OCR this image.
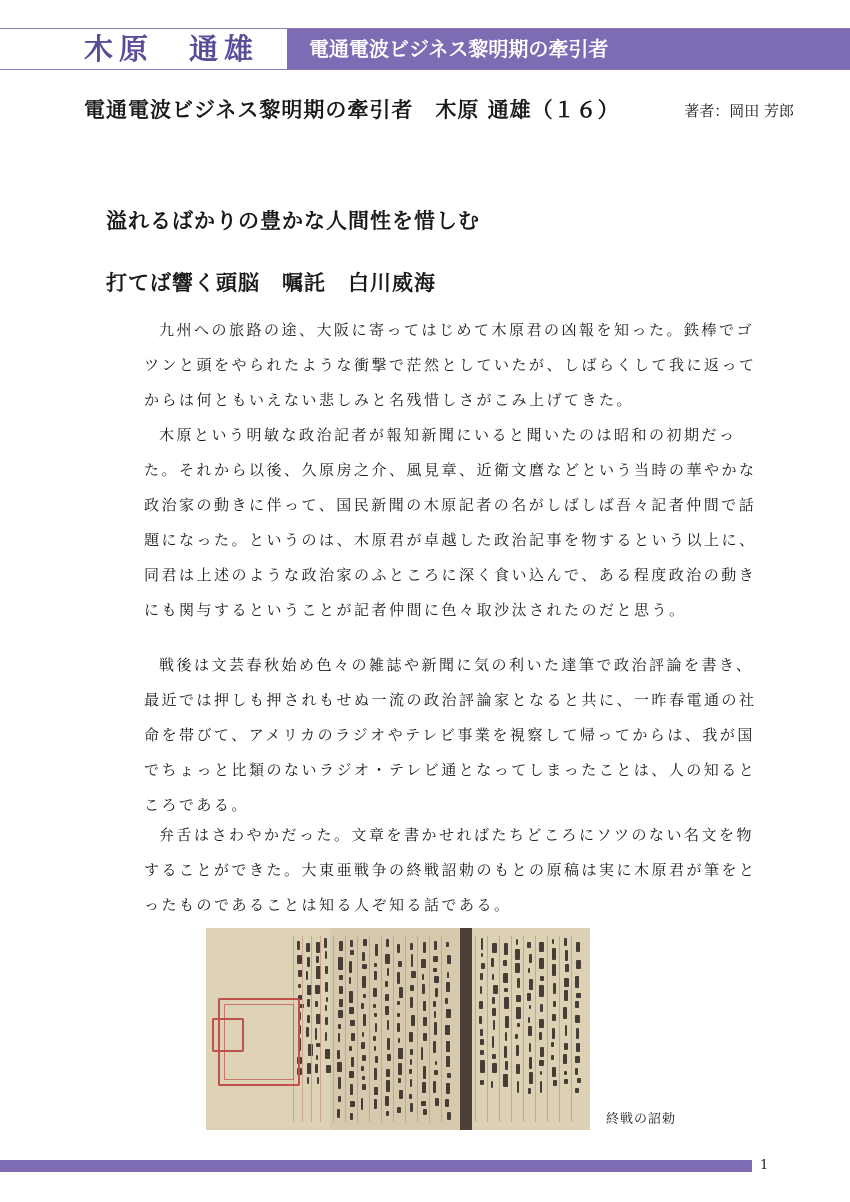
木原　通雄 電通電波ビジネス黎明期の牽引者
電通電波ビジネス黎明期の牽引者　木原 通雄（１６）	著者：岡田 芳郎
溢れるばかりの豊かな人間性を惜しむ
打てば響く頭脳　嘱託　白川威海

九州への旅路の途、大阪に寄ってはじめて木原君の凶報を知った。鉄棒でゴツンと頭をやられたような衝撃で茫然としていたが、しばらくして我に返ってからは何ともいえない悲しみと名残惜しさがこみ上げてきた。

木原という明敏な政治記者が報知新聞にいると聞いたのは昭和の初期だった。それから以後、久原房之介、風見章、近衛文麿などという当時の華やかな政治家の動きに伴って、国民新聞の木原記者の名がしばしば吾々記者仲間で話題になった。というのは、木原君が卓越した政治記事を物するという以上に、同君は上述のような政治家のふところに深く食い込んで、ある程度政治の動きにも関与するということが記者仲間に色々取沙汰されたのだと思う。

戦後は文芸春秋始め色々の雑誌や新聞に気の利いた達筆で政治評論を書き、最近では押しも押されもせぬ一流の政治評論家となると共に、一昨春電通の社命を帯びて、アメリカのラジオやテレビ事業を視察して帰ってからは、我が国でちょっと比類のないラジオ・テレビ通となってしまったことは、人の知るところである。

弁舌はさわやかだった。文章を書かせればたちどころにソツのない名文を物することができた。大東亜戦争の終戦詔勅のもとの原稿は実に木原君が筆をとったものであることは知る人ぞ知る話である。

終戦の詔勅
1
